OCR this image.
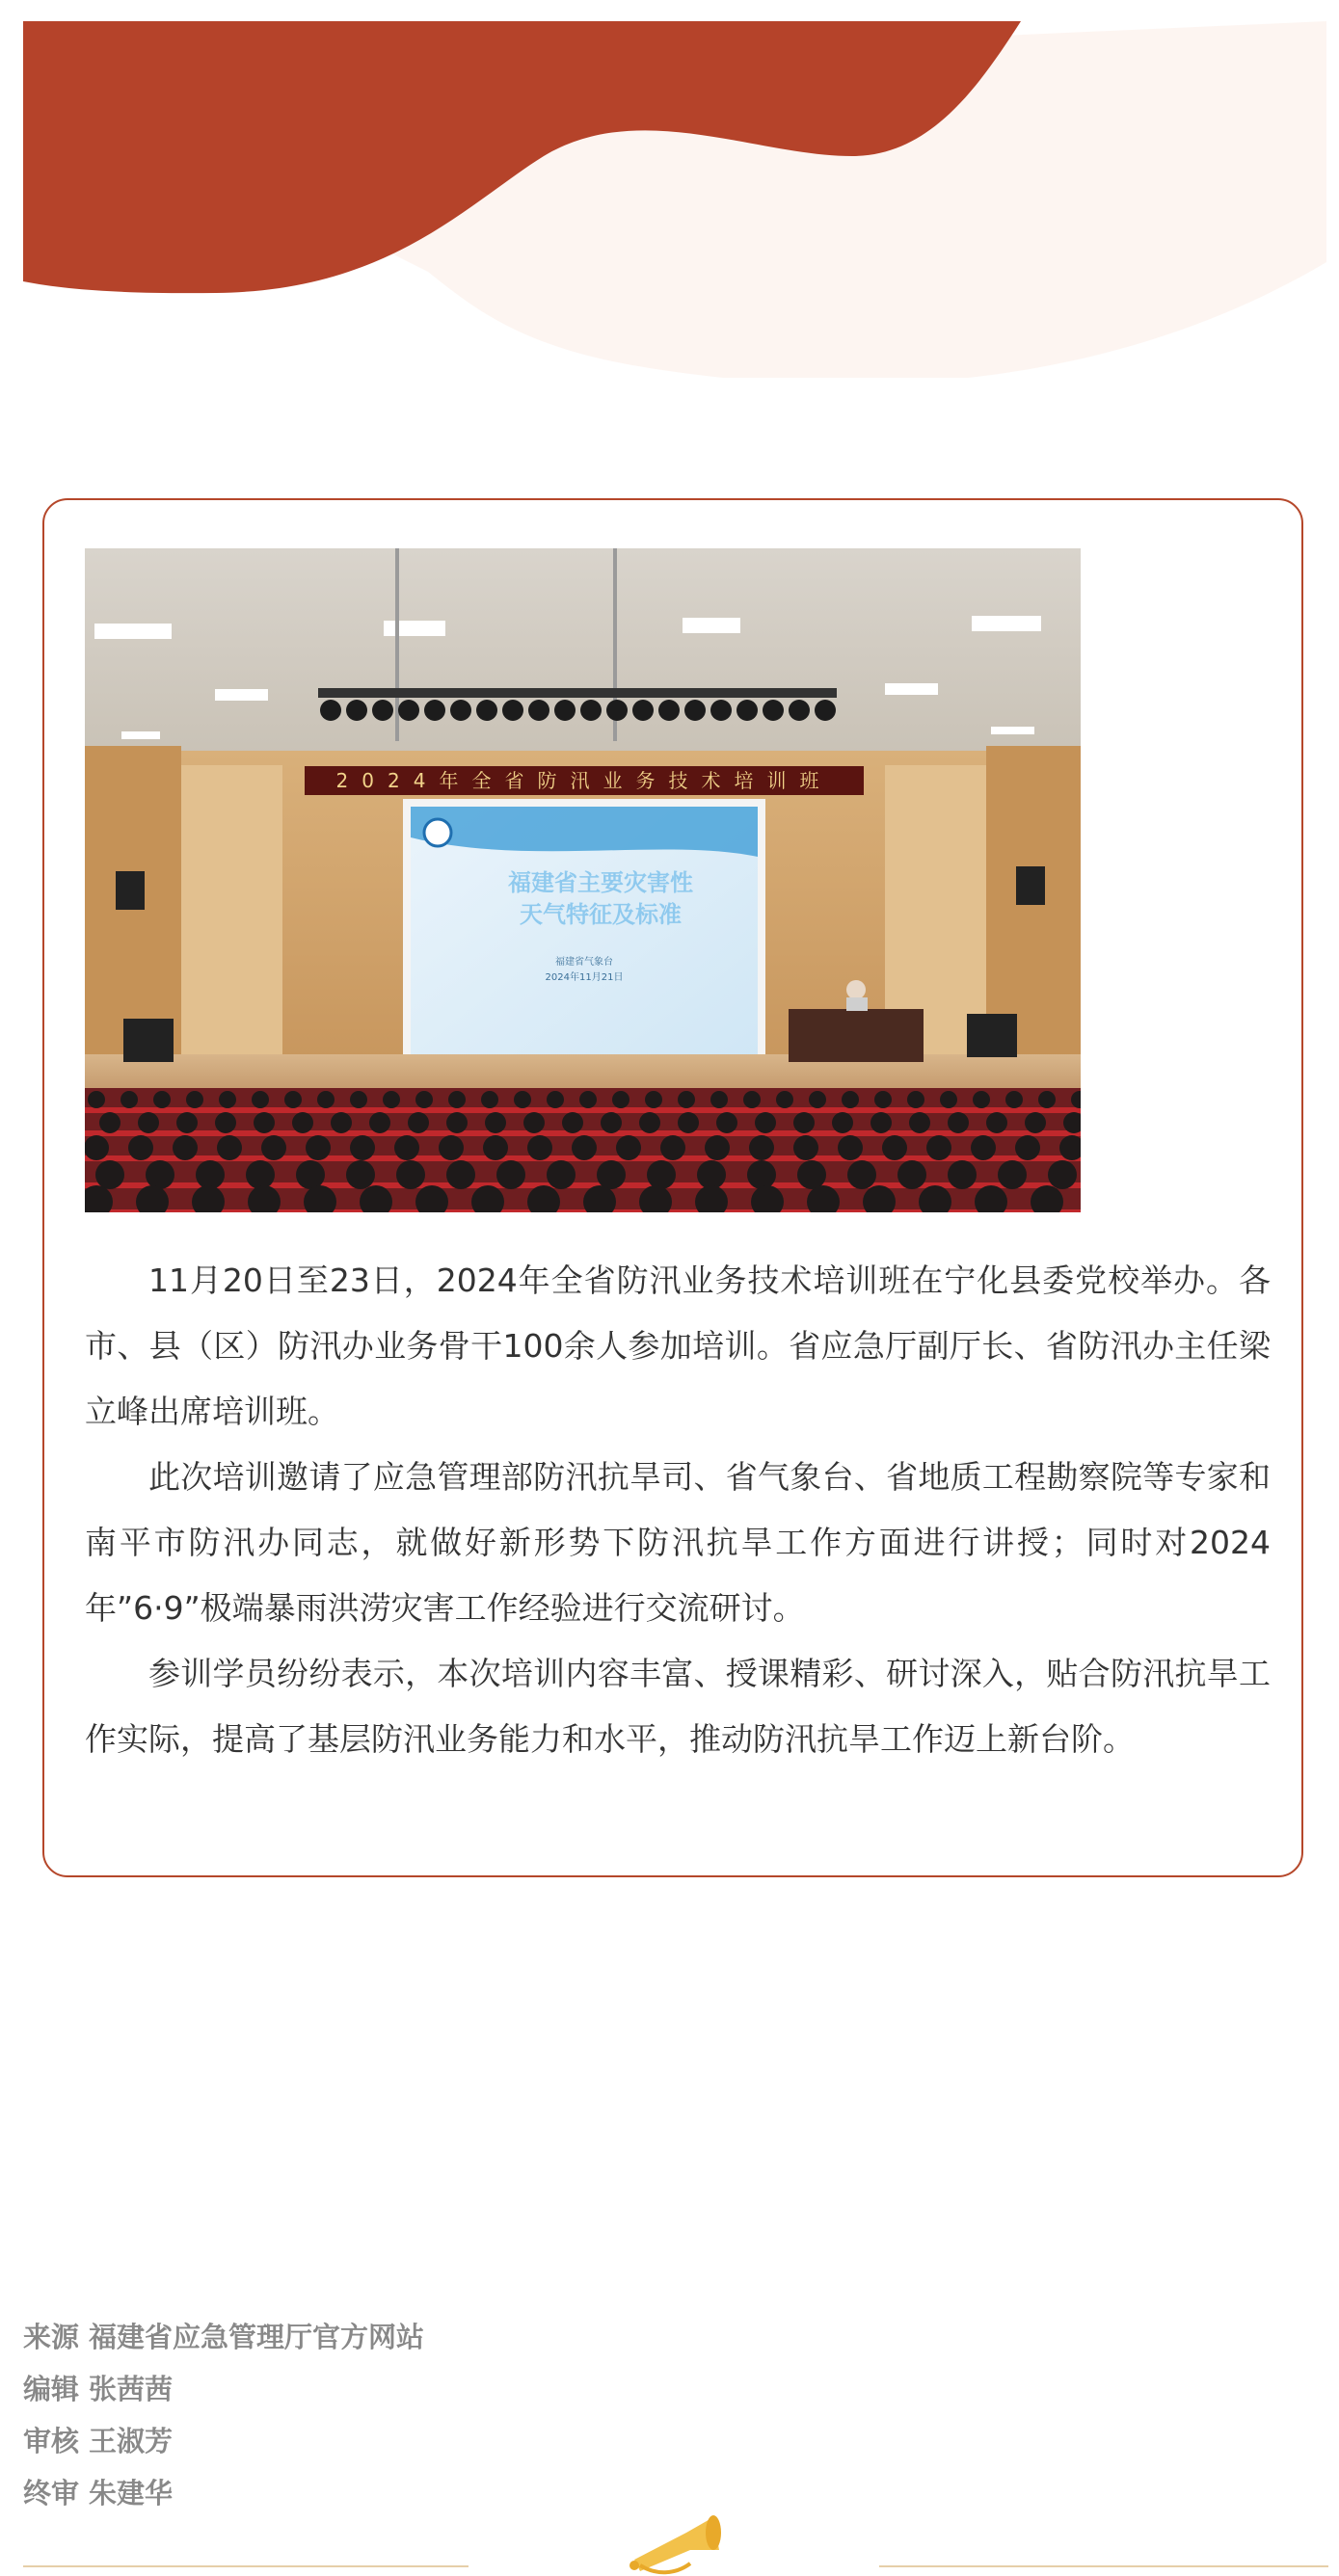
2024年全省防汛业务技术培训班
福建省主要灾害性
天气特征及标准
福建省气象台
2024年11月21日

11月20日至23日，2024年全省防汛业务技术培训班在宁化县委党校举办。各市、县（区）防汛办业务骨干100余人参加培训。省应急厅副厅长、省防汛办主任梁立峰出席培训班。

此次培训邀请了应急管理部防汛抗旱司、省气象台、省地质工程勘察院等专家和南平市防汛办同志，就做好新形势下防汛抗旱工作方面进行讲授；同时对2024年”6·9”极端暴雨洪涝灾害工作经验进行交流研讨。

参训学员纷纷表示，本次培训内容丰富、授课精彩、研讨深入，贴合防汛抗旱工作实际，提高了基层防汛业务能力和水平，推动防汛抗旱工作迈上新台阶。

来源 福建省应急管理厅官方网站
编辑 张茜茜
审核 王淑芳
终审 朱建华
